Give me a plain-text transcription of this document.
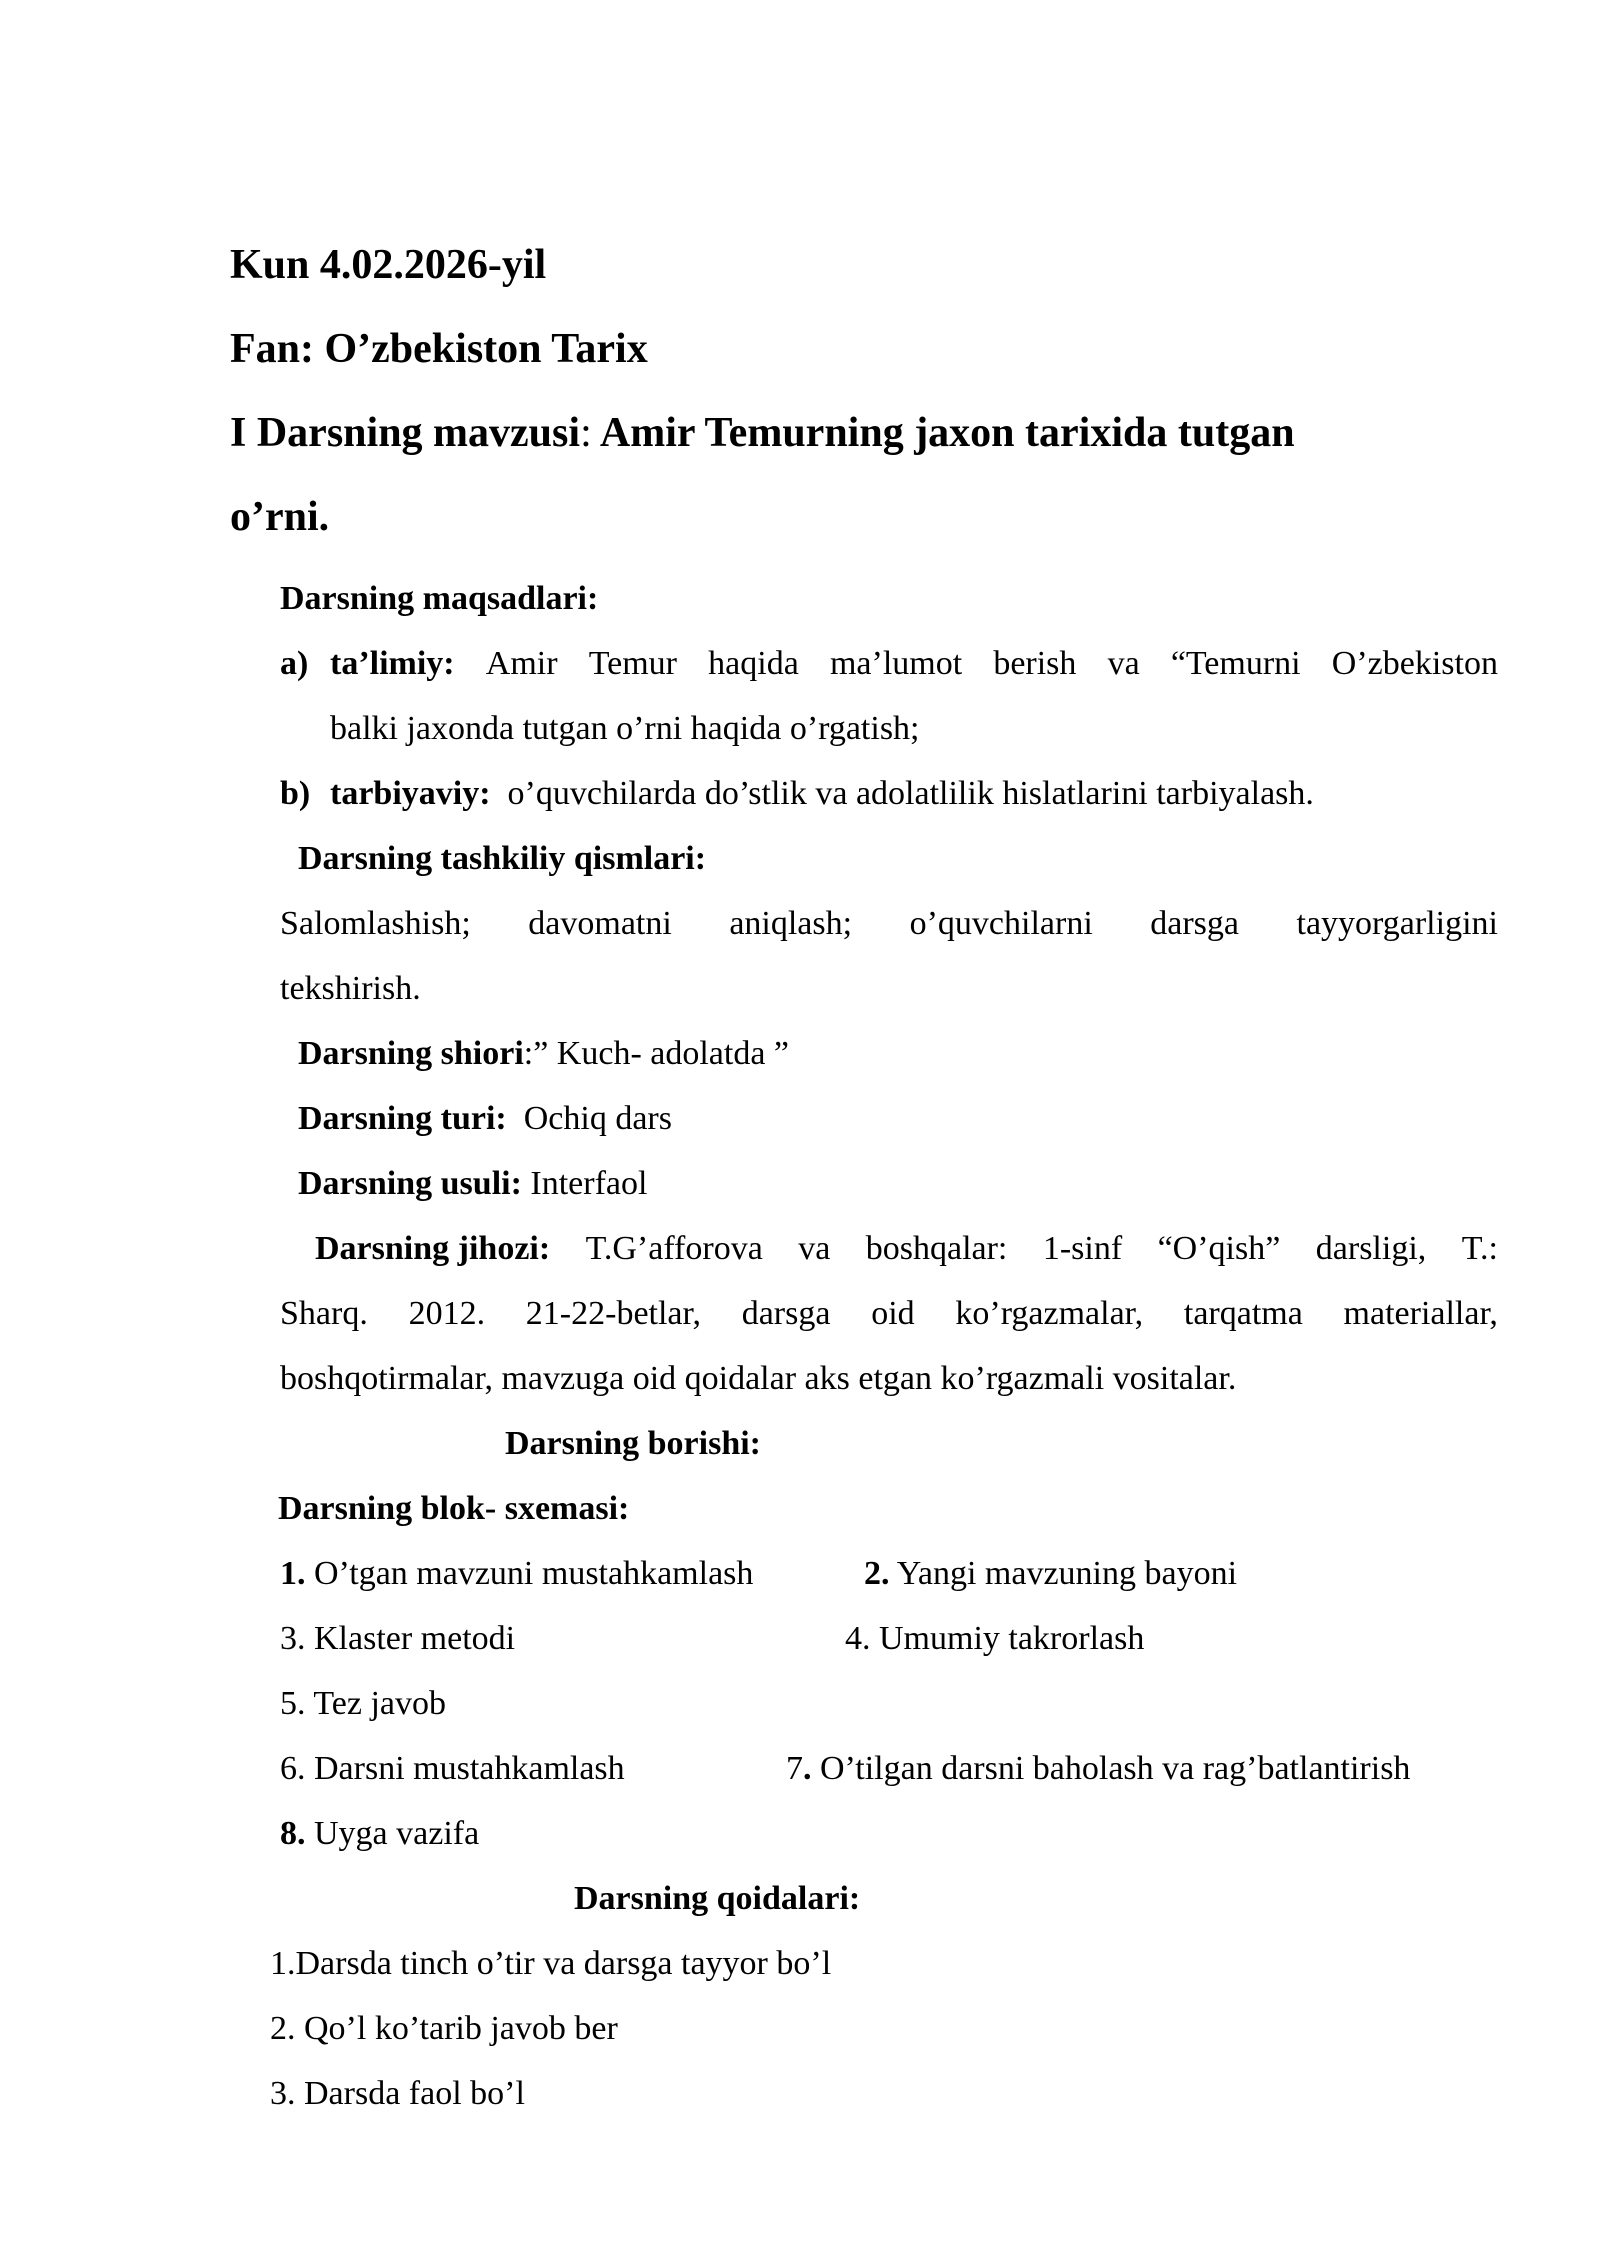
Kun 4.02.2026-yil
Fan: O’zbekiston Tarix
I Darsning mavzusi: Amir Temurning jaxon tarixida tutgan
o’rni.
Darsning maqsadlari:
a) ta’limiy: Amir Temur haqida ma’lumot berish va “Temurni O’zbekiston
balki jaxonda tutgan o’rni haqida o’rgatish;
b) tarbiyaviy: o’quvchilarda do’stlik va adolatlilik hislatlarini tarbiyalash.
Darsning tashkiliy qismlari:
Salomlashish; davomatni aniqlash; o’quvchilarni darsga tayyorgarligini
tekshirish.
Darsning shiori:” Kuch- adolatda ”
Darsning turi: Ochiq dars
Darsning usuli: Interfaol
Darsning jihozi: T.G’afforova va boshqalar: 1-sinf “O’qish” darsligi, T.:
Sharq. 2012. 21-22-betlar, darsga oid ko’rgazmalar, tarqatma materiallar,
boshqotirmalar, mavzuga oid qoidalar aks etgan ko’rgazmali vositalar.
Darsning borishi:
Darsning blok- sxemasi:
1. O’tgan mavzuni mustahkamlash	2. Yangi mavzuning bayoni
3. Klaster metodi	4. Umumiy takrorlash
5. Tez javob
6. Darsni mustahkamlash	7. O’tilgan darsni baholash va rag’batlantirish
8. Uyga vazifa
Darsning qoidalari:
1.Darsda tinch o’tir va darsga tayyor bo’l
2. Qo’l ko’tarib javob ber
3. Darsda faol bo’l
